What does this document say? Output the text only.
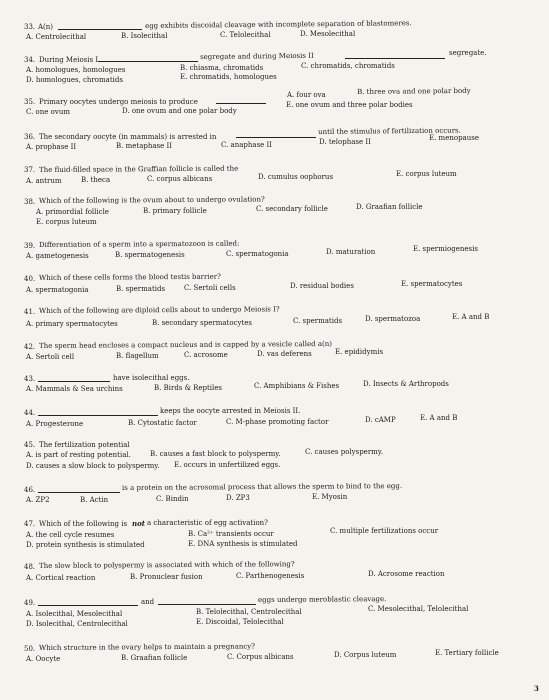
33. A(n)	egg exhibits discoidal cleavage with incomplete separation of blastomeres.
A. Centrolecithal	B. Isolecithal	C. Telolecithal	D. Mesolecithal
34. During Meiosis I	segregate and during Meiosis II	segregate.
A. homologues, homologues	B. chiasma, chromatids	C. chromatids, chromatids
D. homologues, chromatids	E. chromatids, homologues
35. Primary oocytes undergo meiosis to produce
A. four ova	B. three ova and one polar body
C. one ovum	D. one ovum and one polar body
E. one ovum and three polar bodies
36. The secondary oocyte (in mammals) is arrested in
until the stimulus of fertilization occurs.
A. prophase II	B. metaphase II	C. anaphase II	D. telophase II	E. menopause
37. The fluid-filled space in the Graffian follicle is called the
A. antrum	B. theca	C. corpus albicans	D. cumulus oophorus	E. corpus luteum
38. Which of the following is the ovum about to undergo ovulation?
A. primordial follicle	B. primary follicle	C. secondary follicle	D. Graafian follicle
E. corpus luteum
39. Differentiation of a sperm into a spermatozoon is called:
A. gametogenesis	B. spermatogenesis	C. spermatogonia	D. maturation	E. spermiogenesis
40. Which of these cells forms the blood testis barrier?
A. spermatogonia	B. spermatids	C. Sertoli cells	D. residual bodies	E. spermatocytes
41. Which of the following are diploid cells about to undergo Meiosis I?
A. primary spermatocytes	B. secondary spermatocytes	C. spermatids	D. spermatozoa	E. A and B
42. The sperm head encloses a compact nucleus and is capped by a vesicle called a(n)
A. Sertoli cell	B. flagellum	C. acrosome	D. vas deferens	E. epididymis
43.	have isolecithal eggs.
A. Mammals & Sea urchins	B. Birds & Reptiles	C. Amphibians & Fishes	D. Insects & Arthropods
44.	keeps the oocyte arrested in Meiosis II.
A. Progesterone	B. Cytostatic factor	C. M-phase promoting factor	D. cAMP	E. A and B
45. The fertilization potential
A. is part of resting potential.	B. causes a fast block to polyspermy.	C. causes polyspermy.
D. causes a slow block to polyspermy. E. occurs in unfertilized eggs.
46.	is a protein on the acrosomal process that allows the sperm to bind to the egg.
A. ZP2	B. Actin	C. Bindin	D. ZP3	E. Myosin
47. Which of the following is not a characteristic of egg activation?
A. the cell cycle resumes	B. Ca²⁺ transients occur	C. multiple fertilizations occur
D. protein synthesis is stimulated	E. DNA synthesis is stimulated
48. The slow block to polyspermy is associated with which of the following?
A. Cortical reaction	B. Pronuclear fusion	C. Parthenogenesis	D. Acrosome reaction
49.	and	eggs undergo meroblastic cleavage.
A. Isolecithal, Mesolecithal	B. Telolecithal, Centrolecithal	C. Mesolecithal, Telolecithal
D. Isolecithal, Centrolecithal	E. Discoidal, Telolecithal
50. Which structure in the ovary helps to maintain a pregnancy?
A. Oocyte	B. Graafian follicle	C. Corpus albicans	D. Corpus luteum	E. Tertiary follicle
3
